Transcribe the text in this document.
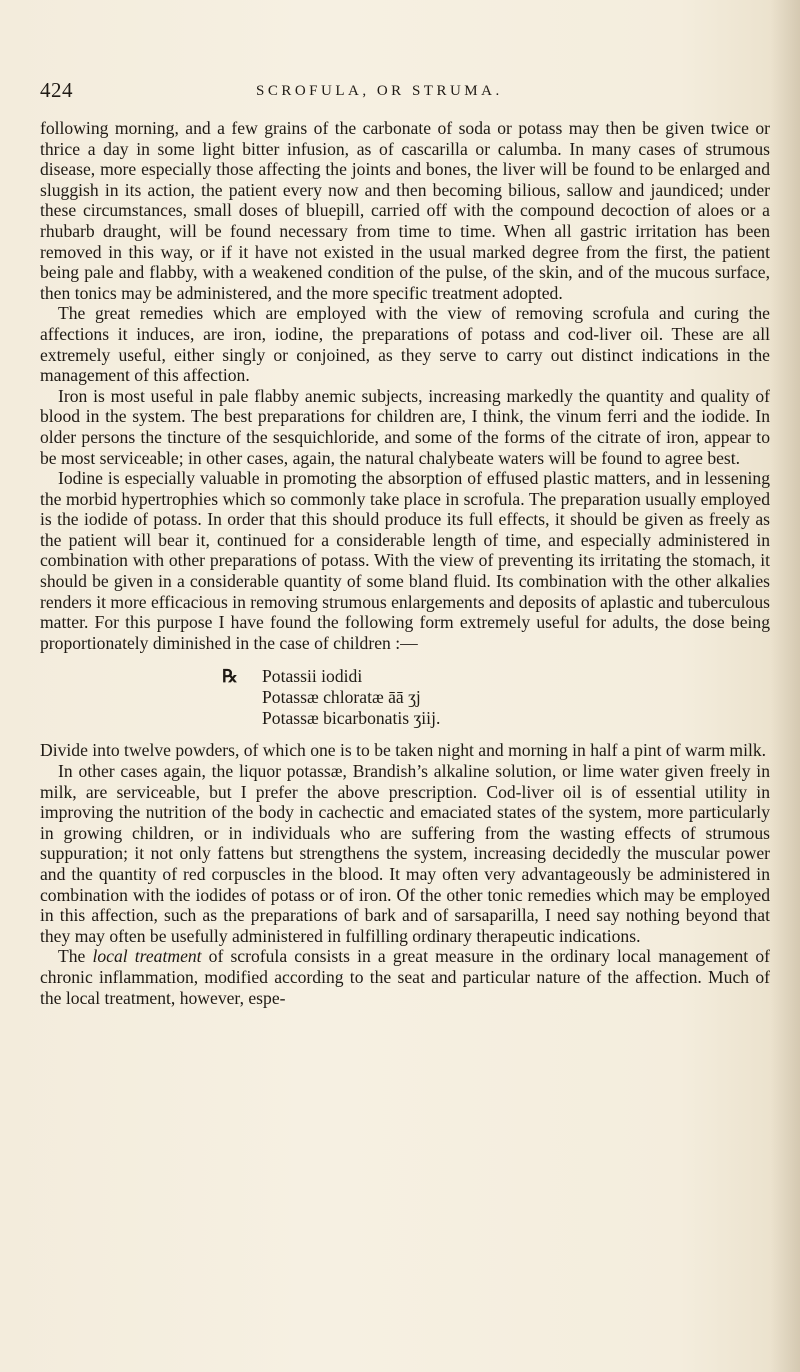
424	SCROFULA, OR STRUMA.

following morning, and a few grains of the carbonate of soda or potass may then be given twice or thrice a day in some light bitter infusion, as of cascarilla or calumba. In many cases of strumous disease, more especially those affecting the joints and bones, the liver will be found to be enlarged and sluggish in its action, the patient every now and then becoming bilious, sallow and jaundiced; under these circumstances, small doses of bluepill, carried off with the compound decoction of aloes or a rhubarb draught, will be found necessary from time to time. When all gastric irritation has been removed in this way, or if it have not existed in the usual marked degree from the first, the patient being pale and flabby, with a weakened condition of the pulse, of the skin, and of the mucous surface, then tonics may be administered, and the more specific treatment adopted.

The great remedies which are employed with the view of removing scrofula and curing the affections it induces, are iron, iodine, the preparations of potass and cod-liver oil. These are all extremely useful, either singly or conjoined, as they serve to carry out distinct indications in the management of this affection.

Iron is most useful in pale flabby anemic subjects, increasing markedly the quantity and quality of blood in the system. The best preparations for children are, I think, the vinum ferri and the iodide. In older persons the tincture of the sesquichloride, and some of the forms of the citrate of iron, appear to be most serviceable; in other cases, again, the natural chalybeate waters will be found to agree best.

Iodine is especially valuable in promoting the absorption of effused plastic matters, and in lessening the morbid hypertrophies which so commonly take place in scrofula. The preparation usually employed is the iodide of potass. In order that this should produce its full effects, it should be given as freely as the patient will bear it, continued for a considerable length of time, and especially administered in combination with other preparations of potass. With the view of preventing its irritating the stomach, it should be given in a considerable quantity of some bland fluid. Its combination with the other alkalies renders it more efficacious in removing strumous enlargements and deposits of aplastic and tuberculous matter. For this purpose I have found the following form extremely useful for adults, the dose being proportionately diminished in the case of children :—

℞ Potassii iodidi
Potassæ chloratæ āā ʒj
Potassæ bicarbonatis ʒiij.

Divide into twelve powders, of which one is to be taken night and morning in half a pint of warm milk.

In other cases again, the liquor potassæ, Brandish’s alkaline solution, or lime water given freely in milk, are serviceable, but I prefer the above prescription. Cod-liver oil is of essential utility in improving the nutrition of the body in cachectic and emaciated states of the system, more particularly in growing children, or in individuals who are suffering from the wasting effects of strumous suppuration; it not only fattens but strengthens the system, increasing decidedly the muscular power and the quantity of red corpuscles in the blood. It may often very advantageously be administered in combination with the iodides of potass or of iron. Of the other tonic remedies which may be employed in this affection, such as the preparations of bark and of sarsaparilla, I need say nothing beyond that they may often be usefully administered in fulfilling ordinary therapeutic indications.

The local treatment of scrofula consists in a great measure in the ordinary local management of chronic inflammation, modified according to the seat and particular nature of the affection. Much of the local treatment, however, espe-
